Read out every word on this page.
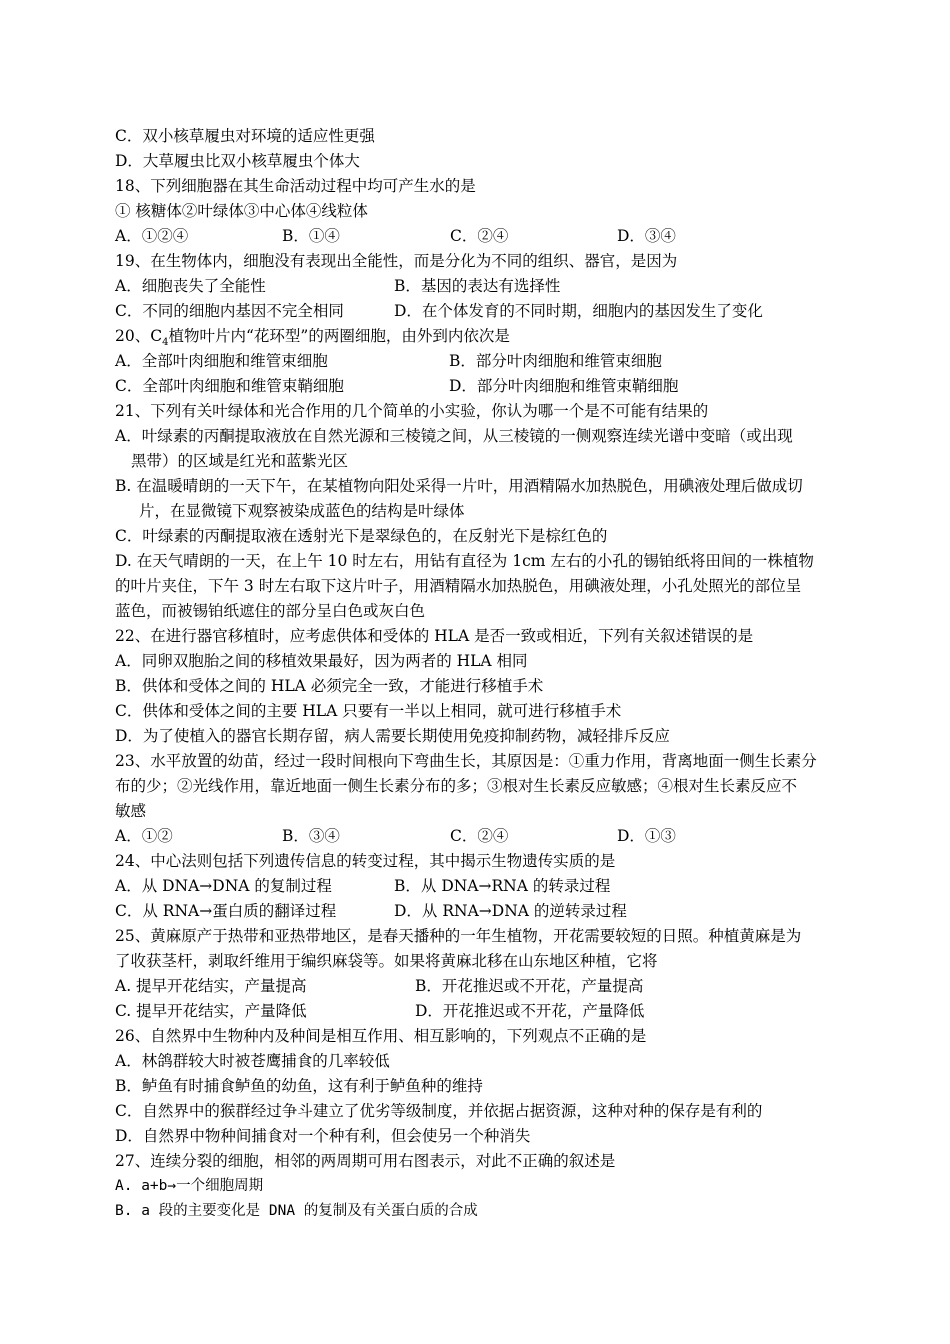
C．双小核草履虫对环境的适应性更强
D．大草履虫比双小核草履虫个体大
18、下列细胞器在其生命活动过程中均可产生水的是
① 核糖体②叶绿体③中心体④线粒体
A．①②④	B．①④	C．②④	D．③④
19、在生物体内，细胞没有表现出全能性，而是分化为不同的组织、器官，是因为
A．细胞丧失了全能性	B．基因的表达有选择性
C．不同的细胞内基因不完全相同	D．在个体发育的不同时期，细胞内的基因发生了变化
20、$C_4$植物叶片内“花环型”的两圈细胞，由外到内依次是
A．全部叶肉细胞和维管束细胞	B．部分叶肉细胞和维管束细胞
C．全部叶肉细胞和维管束鞘细胞	D．部分叶肉细胞和维管束鞘细胞
21、下列有关叶绿体和光合作用的几个简单的小实验，你认为哪一个是不可能有结果的
A．叶绿素的丙酮提取液放在自然光源和三棱镜之间，从三棱镜的一侧观察连续光谱中变暗（或出现
黑带）的区域是红光和蓝紫光区
B. 在温暖晴朗的一天下午，在某植物向阳处采得一片叶，用酒精隔水加热脱色，用碘液处理后做成切
片，在显微镜下观察被染成蓝色的结构是叶绿体
C．叶绿素的丙酮提取液在透射光下是翠绿色的，在反射光下是棕红色的
D. 在天气晴朗的一天，在上午 10 时左右，用钻有直径为 1cm 左右的小孔的锡铂纸将田间的一株植物
的叶片夹住，下午 3 时左右取下这片叶子，用酒精隔水加热脱色，用碘液处理，小孔处照光的部位呈
蓝色，而被锡铂纸遮住的部分呈白色或灰白色
22、在进行器官移植时，应考虑供体和受体的 HLA 是否一致或相近，下列有关叙述错误的是
A．同卵双胞胎之间的移植效果最好，因为两者的 HLA 相同
B．供体和受体之间的 HLA 必须完全一致，才能进行移植手术
C．供体和受体之间的主要 HLA 只要有一半以上相同，就可进行移植手术
D．为了使植入的器官长期存留，病人需要长期使用免疫抑制药物，减轻排斥反应
23、水平放置的幼苗，经过一段时间根向下弯曲生长，其原因是：①重力作用，背离地面一侧生长素分
布的少；②光线作用，靠近地面一侧生长素分布的多；③根对生长素反应敏感；④根对生长素反应不
敏感
A．①②	B．③④	C．②④	D．①③
24、中心法则包括下列遗传信息的转变过程，其中揭示生物遗传实质的是
A．从 DNA→DNA 的复制过程	B．从 DNA→RNA 的转录过程
C．从 RNA→蛋白质的翻译过程	D．从 RNA→DNA 的逆转录过程
25、黄麻原产于热带和亚热带地区，是春天播种的一年生植物，开花需要较短的日照。种植黄麻是为
了收获茎杆，剥取纤维用于编织麻袋等。如果将黄麻北移在山东地区种植，它将
A. 提早开花结实，产量提高	B．开花推迟或不开花，产量提高
C. 提早开花结实，产量降低	D．开花推迟或不开花，产量降低
26、自然界中生物种内及种间是相互作用、相互影响的，下列观点不正确的是
A．林鸽群较大时被苍鹰捕食的几率较低
B．鲈鱼有时捕食鲈鱼的幼鱼，这有利于鲈鱼种的维持
C．自然界中的猴群经过争斗建立了优劣等级制度，并依据占据资源，这种对种的保存是有利的
D．自然界中物种间捕食对一个种有利，但会使另一个种消失
27、连续分裂的细胞，相邻的两周期可用右图表示，对此不正确的叙述是
A. a+b→一个细胞周期
B. a 段的主要变化是 DNA 的复制及有关蛋白质的合成
